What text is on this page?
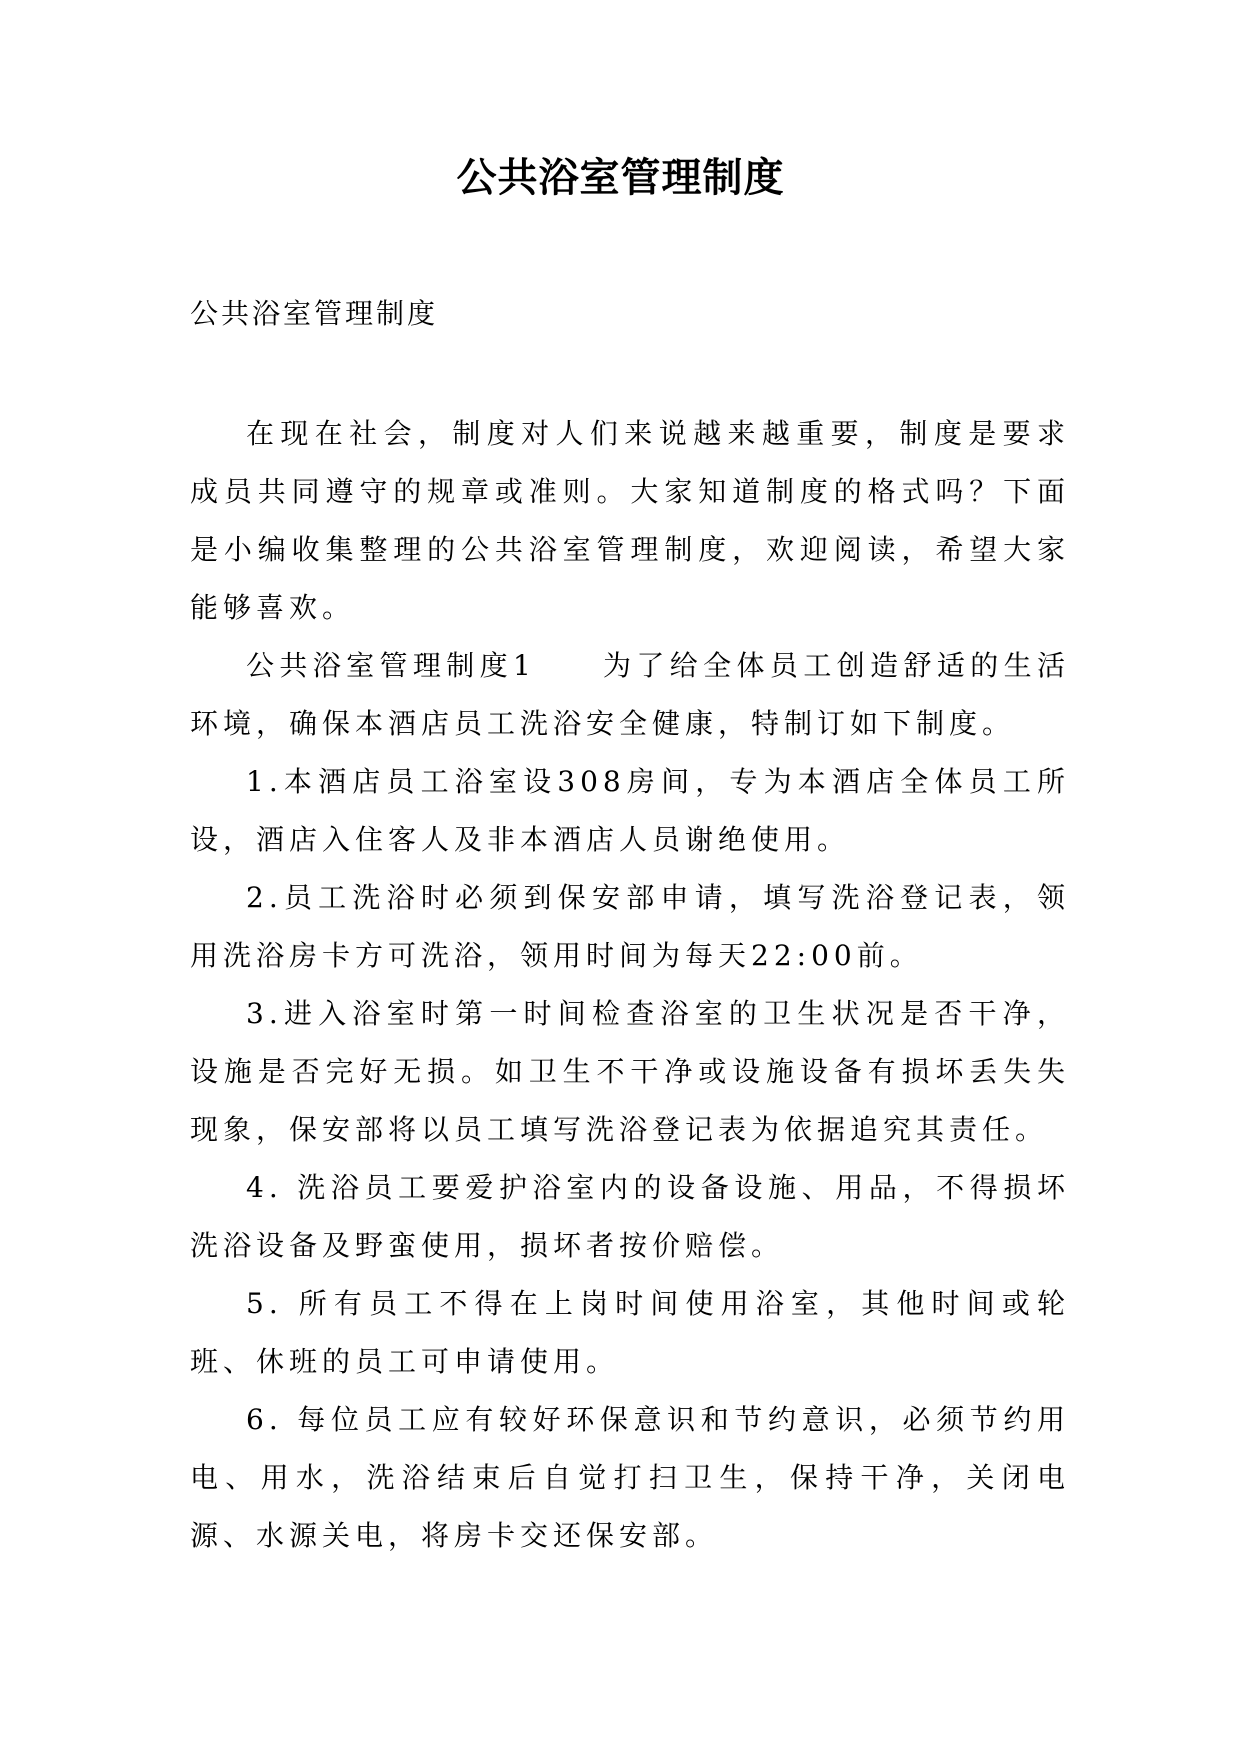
公共浴室管理制度
公共浴室管理制度

在现在社会，制度对人们来说越来越重要，制度是要求成员共同遵守的规章或准则。大家知道制度的格式吗？下面是小编收集整理的公共浴室管理制度，欢迎阅读，希望大家能够喜欢。

公共浴室管理制度1　　为了给全体员工创造舒适的生活环境，确保本酒店员工洗浴安全健康，特制订如下制度。

1.本酒店员工浴室设308房间，专为本酒店全体员工所设，酒店入住客人及非本酒店人员谢绝使用。

2.员工洗浴时必须到保安部申请，填写洗浴登记表，领用洗浴房卡方可洗浴，领用时间为每天22:00前。

3.进入浴室时第一时间检查浴室的卫生状况是否干净，设施是否完好无损。如卫生不干净或设施设备有损坏丢失失现象，保安部将以员工填写洗浴登记表为依据追究其责任。

4. 洗浴员工要爱护浴室内的设备设施、用品，不得损坏洗浴设备及野蛮使用，损坏者按价赔偿。

5. 所有员工不得在上岗时间使用浴室，其他时间或轮班、休班的员工可申请使用。

6. 每位员工应有较好环保意识和节约意识，必须节约用电、用水，洗浴结束后自觉打扫卫生，保持干净，关闭电源、水源关电，将房卡交还保安部。
